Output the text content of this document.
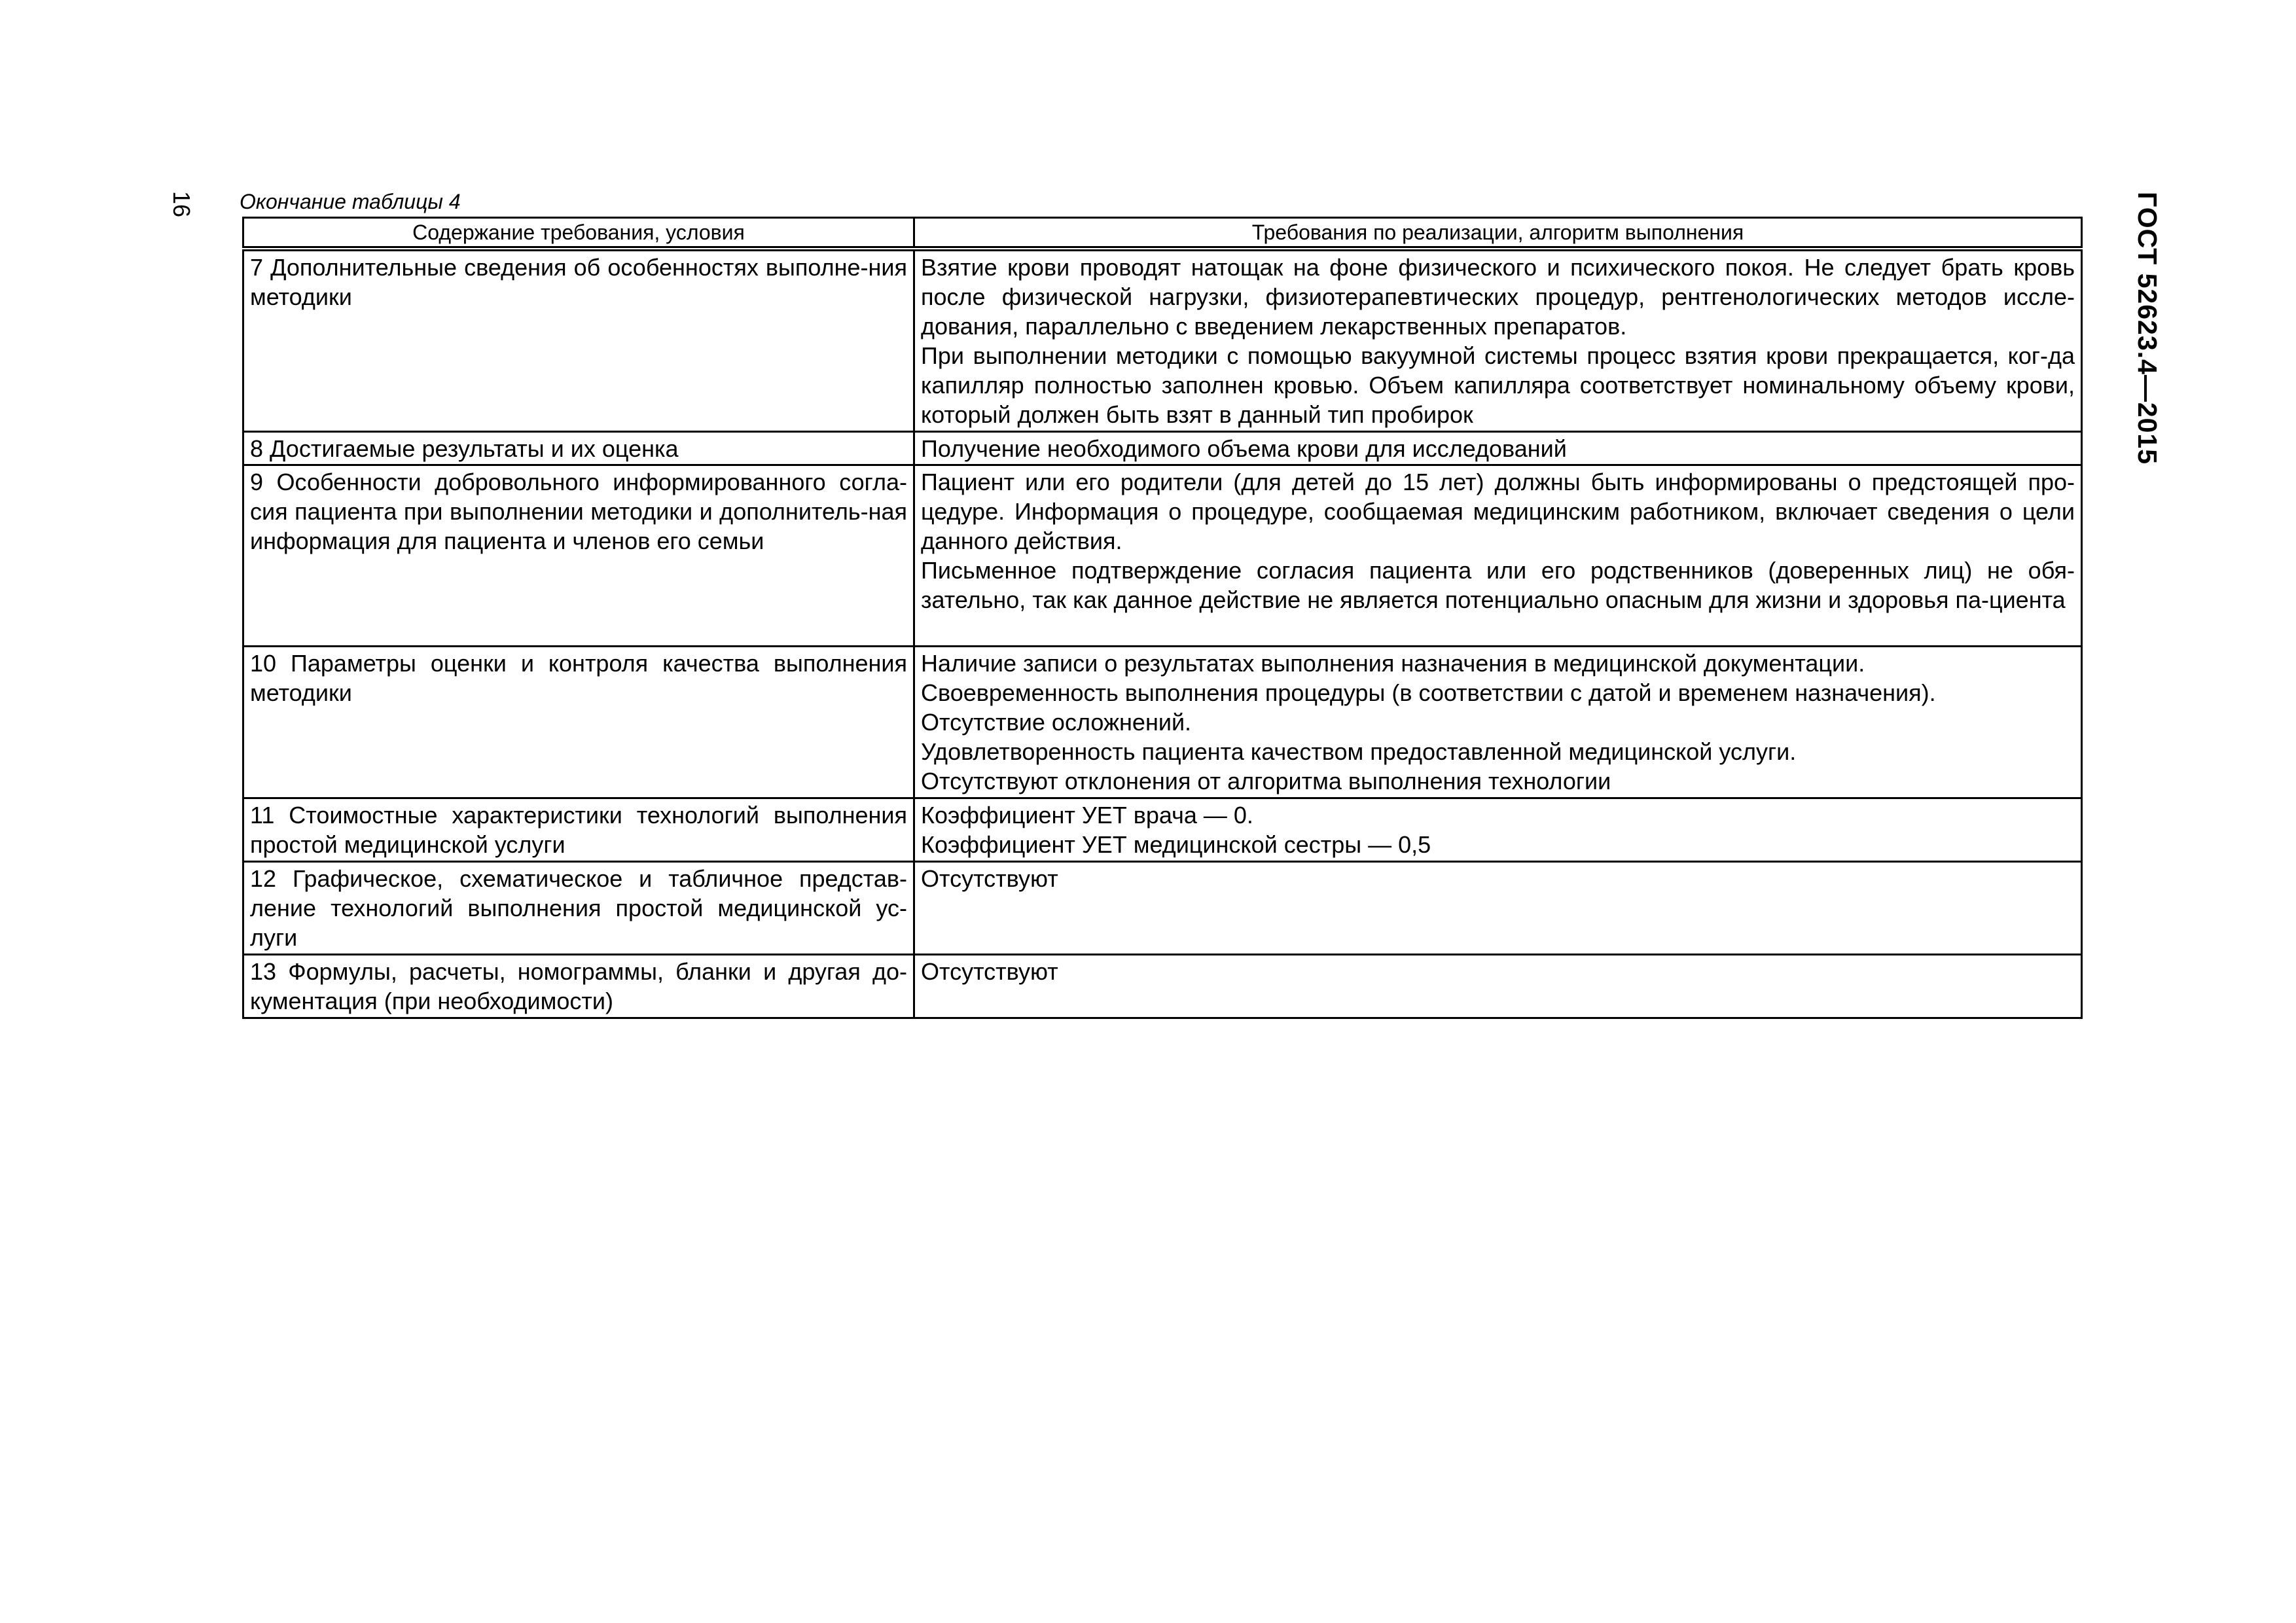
16	ГОСТ 52623.4—2015
Окончание таблицы 4
Содержание требования, условия	Требования по реализации, алгоритм выполнения

7 Дополнительные сведения об особенностях выполне-ния методики	Взятие крови проводят натощак на фоне физического и психического покоя. Не следует брать кровь после физической нагрузки, физиотерапевтических процедур, рентгенологических методов иссле-дования, параллельно с введением лекарственных препаратов.
При выполнении методики с помощью вакуумной системы процесс взятия крови прекращается, ког-да капилляр полностью заполнен кровью. Объем капилляра соответствует номинальному объему крови, который должен быть взят в данный тип пробирок

8 Достигаемые результаты и их оценка	Получение необходимого объема крови для исследований

9 Особенности добровольного информированного согла-сия пациента при выполнении методики и дополнитель-ная информация для пациента и членов его семьи	Пациент или его родители (для детей до 15 лет) должны быть информированы о предстоящей про-цедуре. Информация о процедуре, сообщаемая медицинским работником, включает сведения о цели данного действия.
Письменное подтверждение согласия пациента или его родственников (доверенных лиц) не обя-зательно, так как данное действие не является потенциально опасным для жизни и здоровья па-циента

10 Параметры оценки и контроля качества выполнения методики	Наличие записи о результатах выполнения назначения в медицинской документации.
Своевременность выполнения процедуры (в соответствии с датой и временем назначения).
Отсутствие осложнений.
Удовлетворенность пациента качеством предоставленной медицинской услуги.
Отсутствуют отклонения от алгоритма выполнения технологии

11 Стоимостные характеристики технологий выполнения простой медицинской услуги	Коэффициент УЕТ врача — 0.
Коэффициент УЕТ медицинской сестры — 0,5

12 Графическое, схематическое и табличное представ-ление технологий выполнения простой медицинской ус-луги	Отсутствуют

13 Формулы, расчеты, номограммы, бланки и другая до-кументация (при необходимости)	Отсутствуют
